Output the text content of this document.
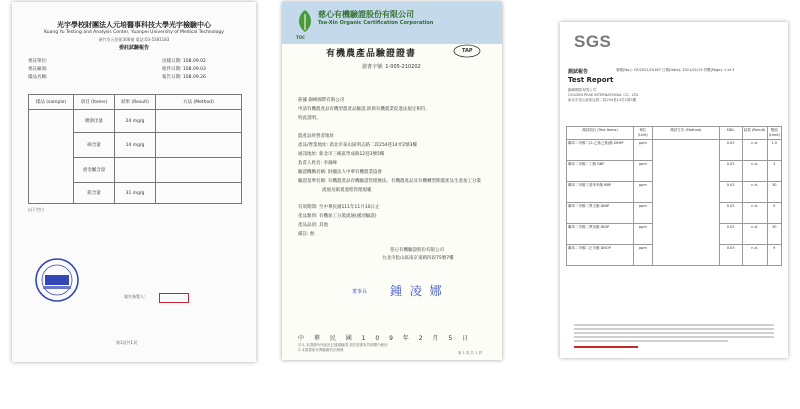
光宇學校財團法人元培醫事科技大學光宇檢驗中心
Kuang Yu Testing and Analysis Center, Yuanpei University of Medical Technology
新竹市元培街306號 電話:03-5381183
委託試驗報告
委託單位:
委託廠商:
樣品名稱:
送樣日期: 108.09.02
收件日期: 108.09.03
報告日期: 108.09.26
樣品 (sample)	項目 (Items)	結果 (Result)	方法 (Method)
	總溶出量	24 mg/g	
	砷含量	14 mg/g	
	重金屬含量		
	鉛含量	31 mg/g	
以下空白
報告簽署人:
第1頁共1頁
慈心有機驗證股份有限公司
Tse-Xin Organic Certification Corporation
TOC
有機農產品驗證證書	TAP
證書字號: 1-005-210202
茲據 錦峰國際有限公司
申請有機農產品有機型農產品驗證,經與有機農業促進法規定相符,
特此證明。
農產品經營者地址
產品/營業地址: 新北市泰山區明志路二段254巷14弄2號3樓
通訊地址: 新北市三峽區學成路12巷3號5樓
負責人姓名: 李錦峰
驗證機構名稱: 財團法人中華有機農業協會
驗證基準名稱: 有機農產品有機驗證管理辦法、有機農產品及有機轉型期農產品生產加工分裝
流通及販賣過程管理規範
有效期間: 至中華民國111年11月10日止
產品類別: 有機加工分裝流通(國別驗證)
產品品項: 其他
備註: 無
慈心有機驗證股份有限公司
台北市松山區南京東路四段75號7樓
董事長 鍾 凌 娜
中 華 民 國 1 0 9 年 2 月 5 日
註:1.本證書所列產品已通過驗證,須於證書有效期間內使用
2.本證書如有異動應依法辦理
第 1 頁,共 1 頁
SGS
測試報告
Test Report
號碼(No.): CE/2021/10187 日期(Date): 2021/01/19 頁數(Page): 1 of 3
錦峰國際有限公司
GOLDEN PEAK INTERNATIONAL CO., LTD.
新北市泰山區明志路二段254巷14弄2號3樓
測試項目 (Test Items)	單位 (Unit)	測試方法 (Method)	MDL	結果 (Result)	限值 (Limit)
鄰苯二甲酸二(2-乙基己基)酯 DEHP	ppm		0.03	n.d.	1.5
鄰苯二甲酸二丁酯 DBP	ppm		0.03	n.d.	3
鄰苯二甲酸丁基苯甲酯 BBP	ppm		0.03	n.d.	30
鄰苯二甲酸二異壬酯 DINP	ppm		0.03	n.d.	9
鄰苯二甲酸二異癸酯 DIDP	ppm		0.03	n.d.	30
鄰苯二甲酸二正辛酯 DNOP	ppm		0.03	n.d.	9
